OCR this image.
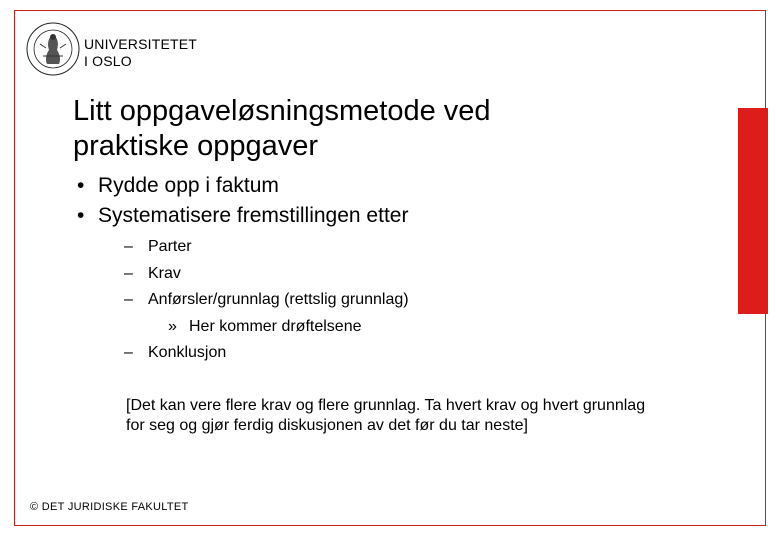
UNIVERSITETET
I OSLO
Litt oppgaveløsningsmetode ved
praktiske oppgaver
• Rydde opp i faktum
• Systematisere fremstillingen etter
– Parter
– Krav
– Anførsler/grunnlag (rettslig grunnlag)
» Her kommer drøftelsene
– Konklusjon
[Det kan vere flere krav og flere grunnlag. Ta hvert krav og hvert grunnlag for seg og gjør ferdig diskusjonen av det før du tar neste]
© DET JURIDISKE FAKULTET
